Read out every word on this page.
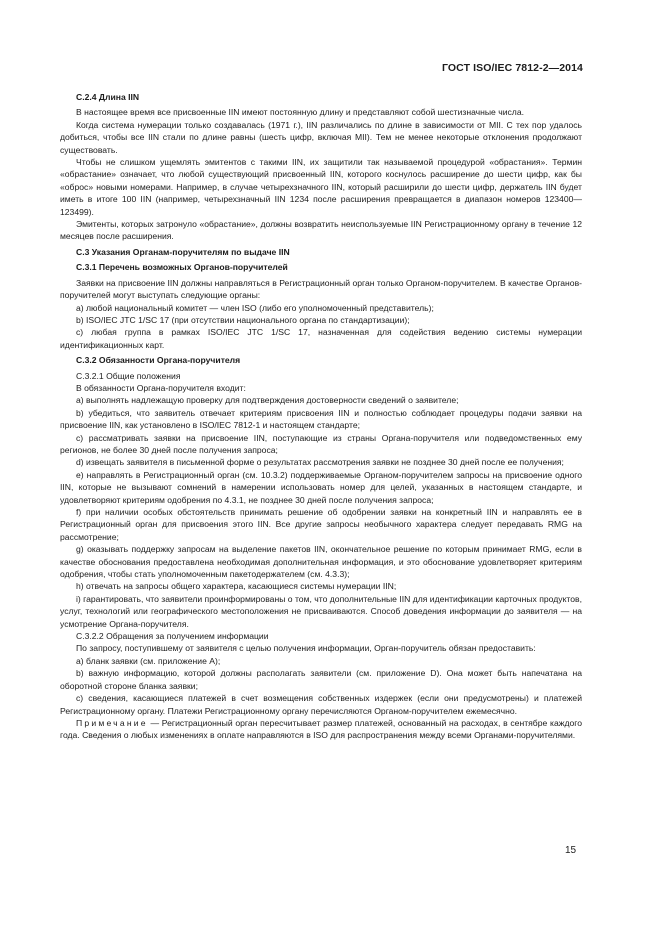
ГОСТ ISO/IEC 7812-2—2014

С.2.4 Длина IIN

В настоящее время все присвоенные IIN имеют постоянную длину и представляют собой шестизначные числа.

Когда система нумерации только создавалась (1971 г.), IIN различались по длине в зависимости от MII. С тех пор удалось добиться, чтобы все IIN стали по длине равны (шесть цифр, включая MII). Тем не менее некоторые отклонения продолжают существовать.

Чтобы не слишком ущемлять эмитентов с такими IIN, их защитили так называемой процедурой «обрастания». Термин «обрастание» означает, что любой существующий присвоенный IIN, которого коснулось расширение до шести цифр, как бы «оброс» новыми номерами. Например, в случае четырехзначного IIN, который расширили до шести цифр, держатель IIN будет иметь в итоге 100 IIN (например, четырехзначный IIN 1234 после расширения превращается в диапазон номеров 123400—123499).

Эмитенты, которых затронуло «обрастание», должны возвратить неиспользуемые IIN Регистрационному органу в течение 12 месяцев после расширения.

С.3 Указания Органам-поручителям по выдаче IIN

С.3.1 Перечень возможных Органов-поручителей

Заявки на присвоение IIN должны направляться в Регистрационный орган только Органом-поручителем. В качестве Органов-поручителей могут выступать следующие органы:

а) любой национальный комитет — член ISO (либо его уполномоченный представитель);

b) ISO/IEC JTC 1/SC 17 (при отсутствии национального органа по стандартизации);

c) любая группа в рамках ISO/IEC JTC 1/SC 17, назначенная для содействия ведению системы нумерации идентификационных карт.

С.3.2 Обязанности Органа-поручителя

С.3.2.1 Общие положения

В обязанности Органа-поручителя входит:

а) выполнять надлежащую проверку для подтверждения достоверности сведений о заявителе;

b) убедиться, что заявитель отвечает критериям присвоения IIN и полностью соблюдает процедуры подачи заявки на присвоение IIN, как установлено в ISO/IEC 7812-1 и настоящем стандарте;

c) рассматривать заявки на присвоение IIN, поступающие из страны Органа-поручителя или подведомственных ему регионов, не более 30 дней после получения запроса;

d) извещать заявителя в письменной форме о результатах рассмотрения заявки не позднее 30 дней после ее получения;

е) направлять в Регистрационный орган (см. 10.3.2) поддерживаемые Органом-поручителем запросы на присвоение одного IIN, которые не вызывают сомнений в намерении использовать номер для целей, указанных в настоящем стандарте, и удовлетворяют критериям одобрения по 4.3.1, не позднее 30 дней после получения запроса;

f) при наличии особых обстоятельств принимать решение об одобрении заявки на конкретный IIN и направлять ее в Регистрационный орган для присвоения этого IIN. Все другие запросы необычного характера следует передавать RMG на рассмотрение;

g) оказывать поддержку запросам на выделение пакетов IIN, окончательное решение по которым принимает RMG, если в качестве обоснования предоставлена необходимая дополнительная информация, и это обоснование удовлетворяет критериям одобрения, чтобы стать уполномоченным пакетодержателем (см. 4.3.3);

h) отвечать на запросы общего характера, касающиеся системы нумерации IIN;

i) гарантировать, что заявители проинформированы о том, что дополнительные IIN для идентификации карточных продуктов, услуг, технологий или географического местоположения не присваиваются. Способ доведения информации до заявителя — на усмотрение Органа-поручителя.

С.3.2.2 Обращения за получением информации

По запросу, поступившему от заявителя с целью получения информации, Орган-поручитель обязан предоставить:

а) бланк заявки (см. приложение А);

b) важную информацию, которой должны располагать заявители (см. приложение D). Она может быть напечатана на оборотной стороне бланка заявки;

c) сведения, касающиеся платежей в счет возмещения собственных издержек (если они предусмотрены) и платежей Регистрационному органу. Платежи Регистрационному органу перечисляются Органом-поручителем ежемесячно.

Примечание — Регистрационный орган пересчитывает размер платежей, основанный на расходах, в сентябре каждого года. Сведения о любых изменениях в оплате направляются в ISO для распространения между всеми Органами-поручителями.

15
